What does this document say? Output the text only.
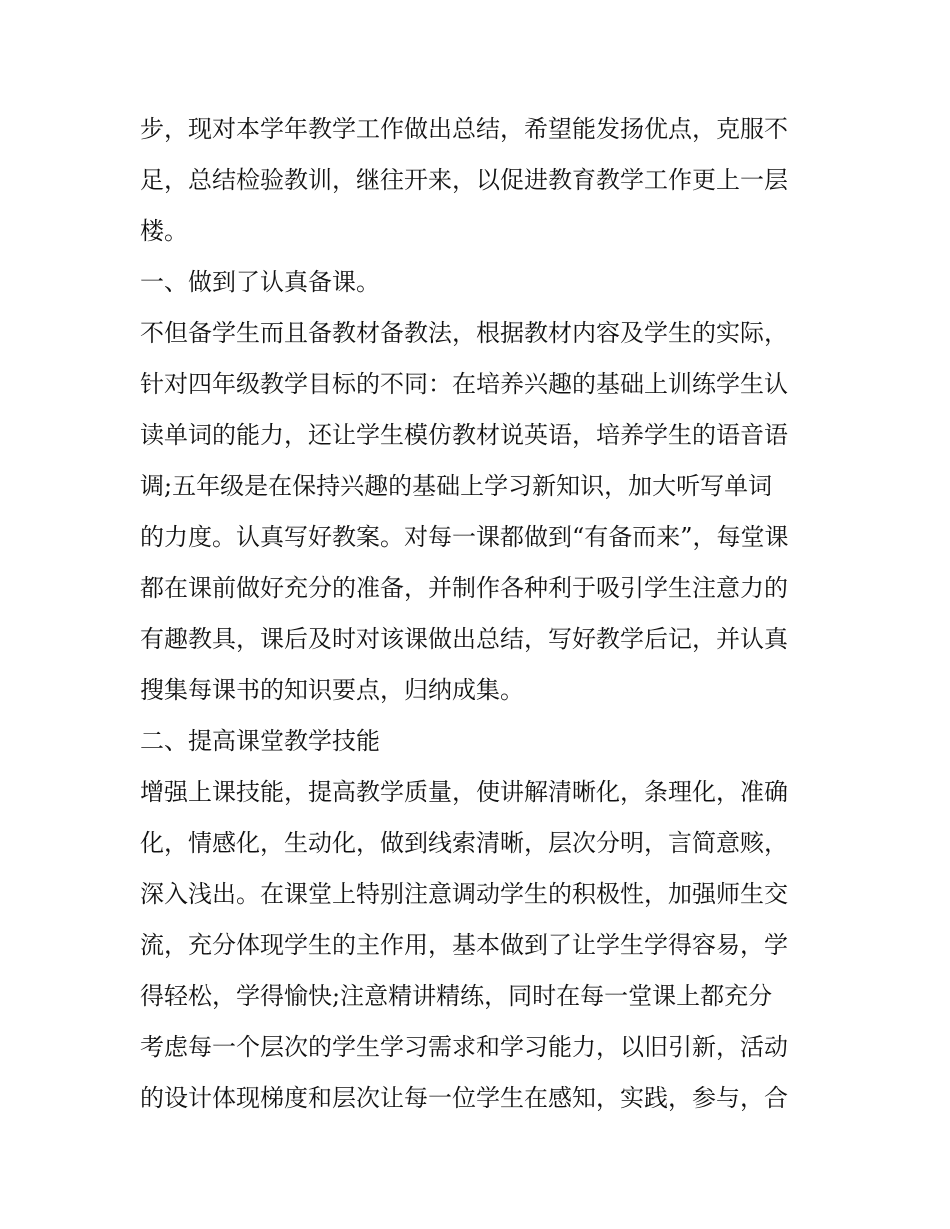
步，现对本学年教学工作做出总结，希望能发扬优点，克服不
足，总结检验教训，继往开来，以促进教育教学工作更上一层
楼。
一、做到了认真备课。
不但备学生而且备教材备教法，根据教材内容及学生的实际，
针对四年级教学目标的不同：在培养兴趣的基础上训练学生认
读单词的能力，还让学生模仿教材说英语，培养学生的语音语
调;五年级是在保持兴趣的基础上学习新知识，加大听写单词
的力度。认真写好教案。对每一课都做到“有备而来”，每堂课
都在课前做好充分的准备，并制作各种利于吸引学生注意力的
有趣教具，课后及时对该课做出总结，写好教学后记，并认真
搜集每课书的知识要点，归纳成集。
二、提高课堂教学技能
增强上课技能，提高教学质量，使讲解清晰化，条理化，准确
化，情感化，生动化，做到线索清晰，层次分明，言简意赅，
深入浅出。在课堂上特别注意调动学生的积极性，加强师生交
流，充分体现学生的主作用，基本做到了让学生学得容易，学
得轻松，学得愉快;注意精讲精练，同时在每一堂课上都充分
考虑每一个层次的学生学习需求和学习能力，以旧引新，活动
的设计体现梯度和层次让每一位学生在感知，实践，参与，合
